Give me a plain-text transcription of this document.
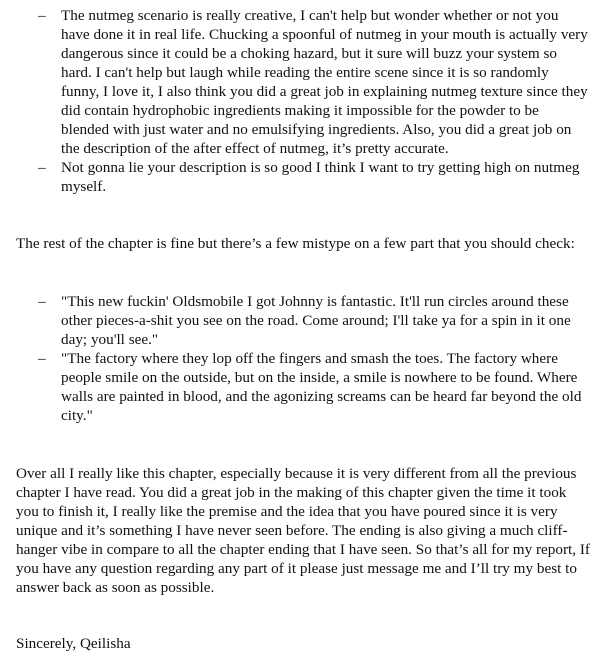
– The nutmeg scenario is really creative, I can't help but wonder whether or not you have done it in real life. Chucking a spoonful of nutmeg in your mouth is actually very dangerous since it could be a choking hazard, but it sure will buzz your system so hard. I can't help but laugh while reading the entire scene since it is so randomly funny, I love it, I also think you did a great job in explaining nutmeg texture since they did contain hydrophobic ingredients making it impossible for the powder to be blended with just water and no emulsifying ingredients. Also, you did a great job on the description of the after effect of nutmeg, it’s pretty accurate.
– Not gonna lie your description is so good I think I want to try getting high on nutmeg myself.

The rest of the chapter is fine but there’s a few mistype on a few part that you should check:

– "This new fuckin' Oldsmobile I got Johnny is fantastic. It'll run circles around these other pieces-a-shit you see on the road. Come around; I'll take ya for a spin in it one day; you'll see."
– "The factory where they lop off the fingers and smash the toes. The factory where people smile on the outside, but on the inside, a smile is nowhere to be found. Where walls are painted in blood, and the agonizing screams can be heard far beyond the old city."

Over all I really like this chapter, especially because it is very different from all the previous chapter I have read. You did a great job in the making of this chapter given the time it took you to finish it, I really like the premise and the idea that you have poured since it is very unique and it’s something I have never seen before. The ending is also giving a much cliff-hanger vibe in compare to all the chapter ending that I have seen. So that’s all for my report, If you have any question regarding any part of it please just message me and I’ll try my best to answer back as soon as possible.

Sincerely, Qeilisha
